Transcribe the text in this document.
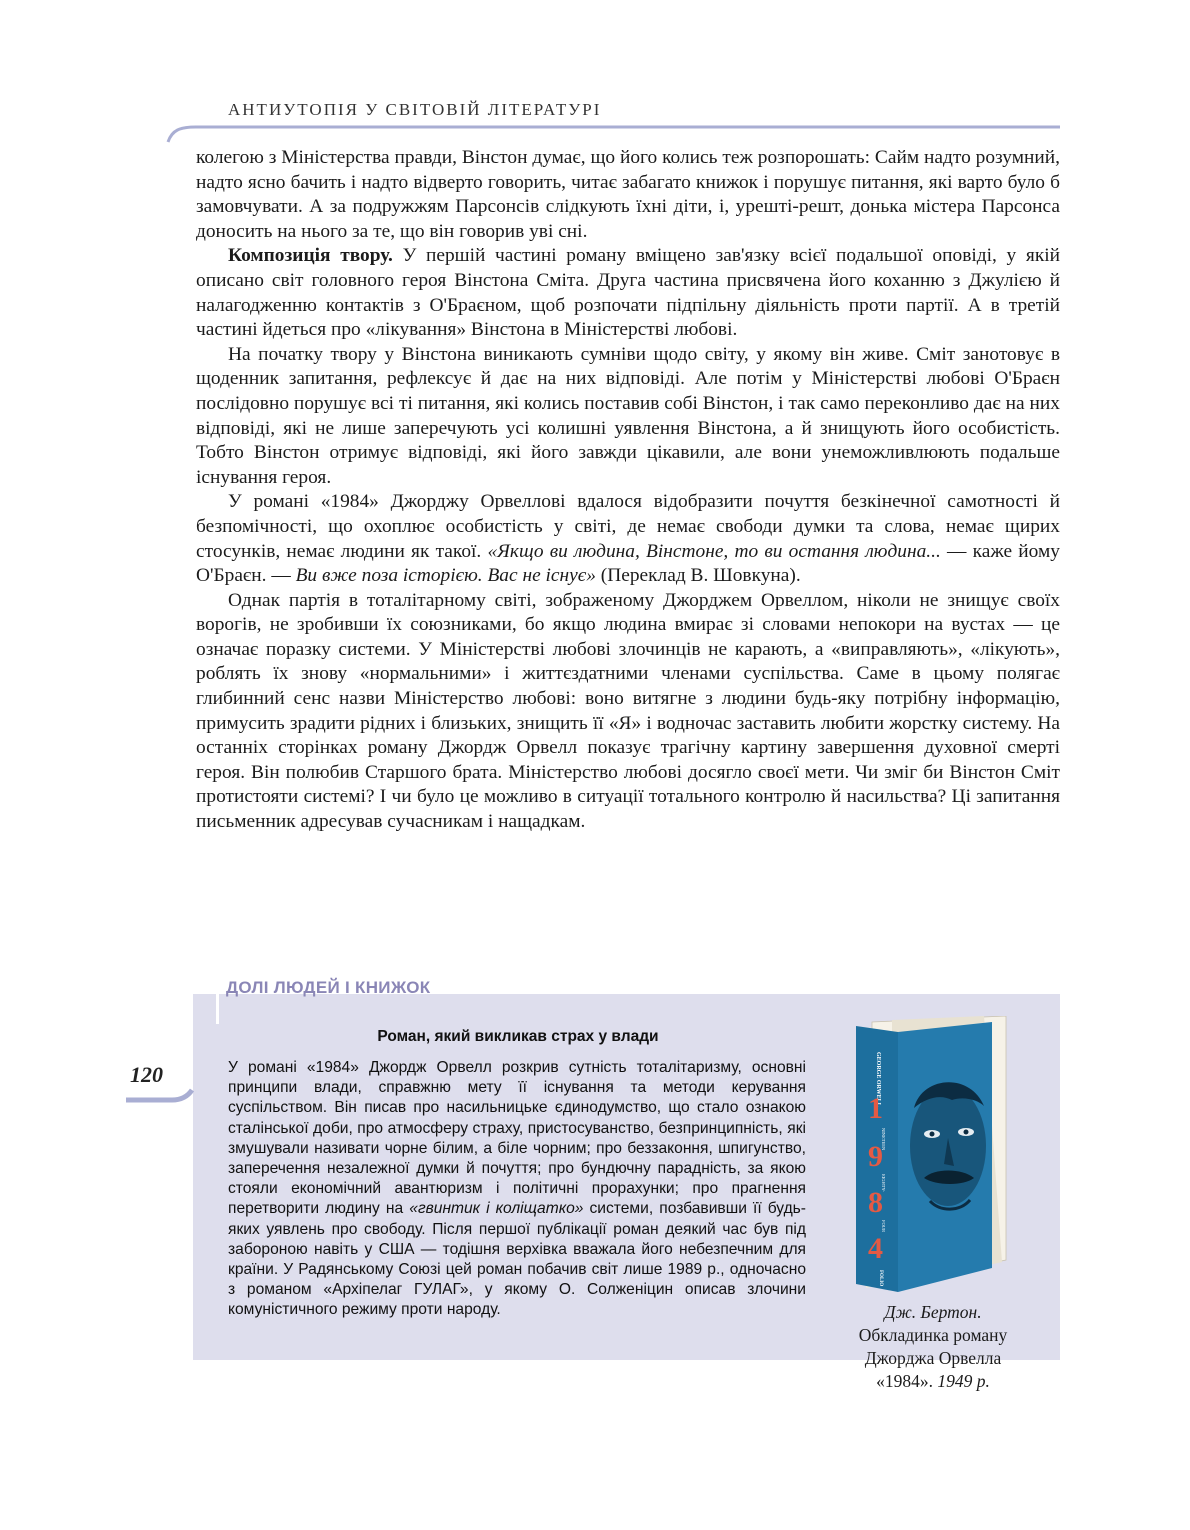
АНТИУТОПІЯ У СВІТОВІЙ ЛІТЕРАТУРІ

колегою з Міністерства правди, Вінстон думає, що його колись теж розпорошать: Сайм надто розумний, надто ясно бачить і надто відверто говорить, читає забагато книжок і порушує питання, які варто було б замовчувати. А за подружжям Парсонсів слідкують їхні діти, і, урешті-решт, донька містера Парсонса доносить на нього за те, що він говорив уві сні.

Композиція твору. У першій частині роману вміщено зав'язку всієї подальшої оповіді, у якій описано світ головного героя Вінстона Сміта. Друга частина присвячена його коханню з Джулією й налагодженню контактів з О'Браєном, щоб розпочати підпільну діяльність проти партії. А в третій частині йдеться про «лікування» Вінстона в Міністерстві любові.

На початку твору у Вінстона виникають сумніви щодо світу, у якому він живе. Сміт занотовує в щоденник запитання, рефлексує й дає на них відповіді. Але потім у Міністерстві любові О'Браєн послідовно порушує всі ті питання, які колись поставив собі Вінстон, і так само переконливо дає на них відповіді, які не лише заперечують усі колишні уявлення Вінстона, а й знищують його особистість. Тобто Вінстон отримує відповіді, які його завжди цікавили, але вони унеможливлюють подальше існування героя.

У романі «1984» Джорджу Орвеллові вдалося відобразити почуття безкінечної самотності й безпомічності, що охоплює особистість у світі, де немає свободи думки та слова, немає щирих стосунків, немає людини як такої. «Якщо ви людина, Вінстоне, то ви остання людина... — каже йому О'Браєн. — Ви вже поза історією. Вас не існує» (Переклад В. Шовкуна).

Однак партія в тоталітарному світі, зображеному Джорджем Орвеллом, ніколи не знищує своїх ворогів, не зробивши їх союзниками, бо якщо людина вмирає зі словами непокори на вустах — це означає поразку системи. У Міністерстві любові злочинців не карають, а «виправляють», «лікують», роблять їх знову «нормальними» і життєздатними членами суспільства. Саме в цьому полягає глибинний сенс назви Міністерство любові: воно витягне з людини будь-яку потрібну інформацію, примусить зрадити рідних і близьких, знищить її «Я» і водночас заставить любити жорстку систему. На останніх сторінках роману Джордж Орвелл показує трагічну картину завершення духовної смерті героя. Він полюбив Старшого брата. Міністерство любові досягло своєї мети. Чи зміг би Вінстон Сміт протистояти системі? І чи було це можливо в ситуації тотального контролю й насильства? Ці запитання письменник адресував сучасникам і нащадкам.

ДОЛІ ЛЮДЕЙ І КНИЖОК
Роман, який викликав страх у влади

У романі «1984» Джордж Орвелл розкрив сутність тоталітаризму, основні принципи влади, справжню мету її існування та методи керування суспільством. Він писав про насильницьке єдинодумство, що стало ознакою сталінської доби, про атмосферу страху, пристосуванство, безпринципність, які змушували називати чорне білим, а біле чорним; про беззаконня, шпигунство, заперечення незалежної думки й почуття; про бундючну парадність, за якою стояли економічний авантюризм і політичні прорахунки; про прагнення перетворити людину на «гвинтик і коліщатко» системи, позбавивши її будь-яких уявлень про свободу. Після першої публікації роман деякий час був під забороною навіть у США — тодішня верхівка вважала його небезпечним для країни. У Радянському Союзі цей роман побачив світ лише 1989 р., одночасно з романом «Архіпелаг ГУЛАГ», у якому О. Солженіцин описав злочини комуністичного режиму проти народу.

GEORGE ORWELL
1
NINETEEN
9
EIGHTY-
8
FOUR
4
FOLIO
Дж. Бертон.
Обкладинка роману
Джорджа Орвелла
«1984». 1949 р.
120
